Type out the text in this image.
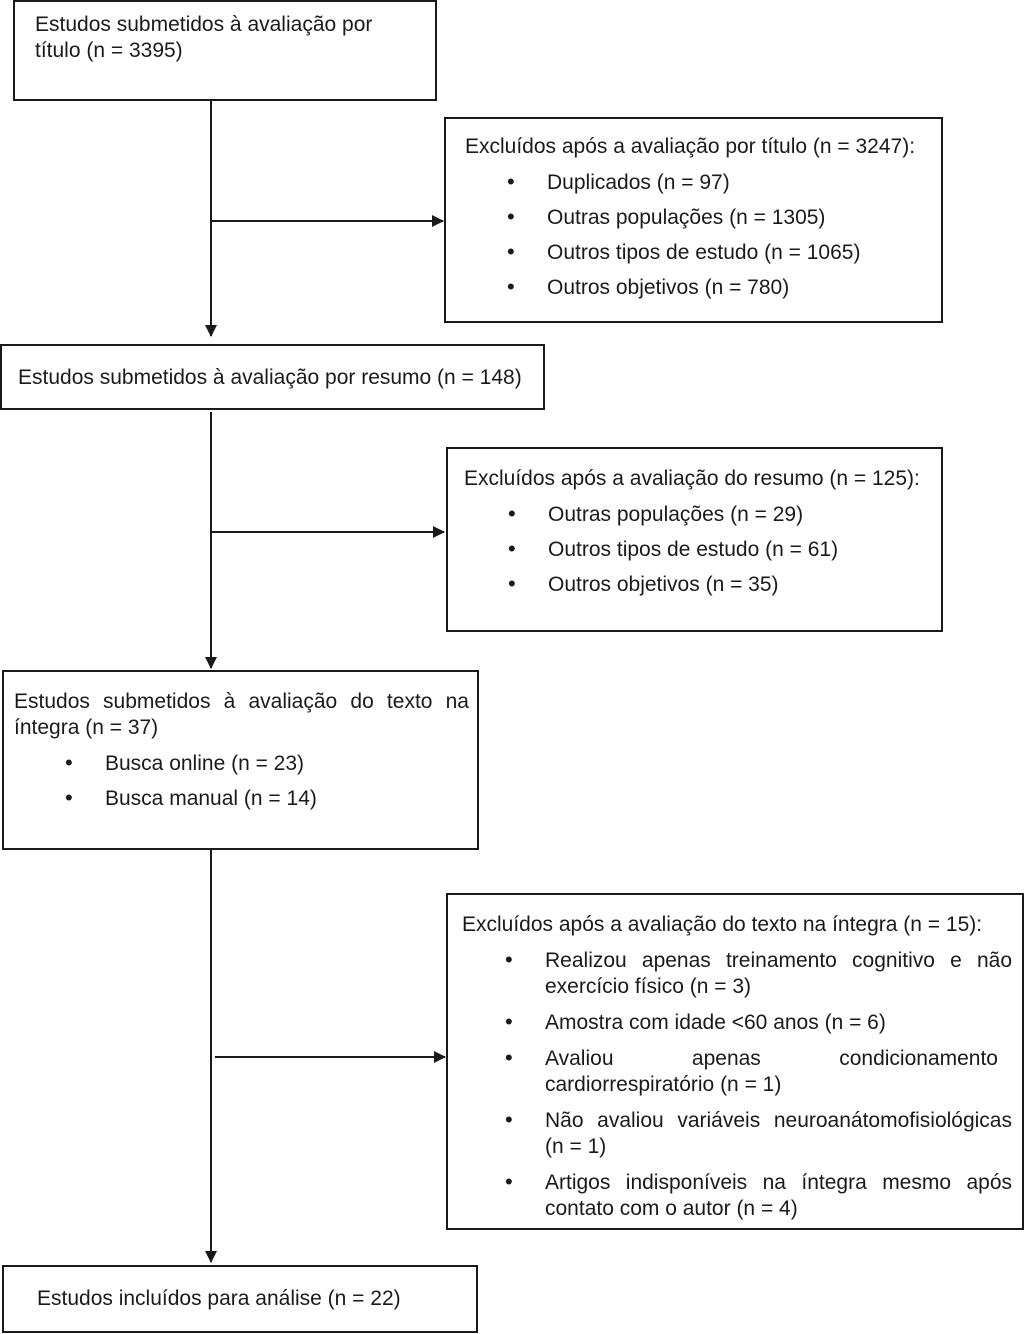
Estudos submetidos à avaliação por título (n = 3395)

Excluídos após a avaliação por título (n = 3247):

• Duplicados (n = 97)
• Outras populações (n = 1305)
• Outros tipos de estudo (n = 1065)
• Outros objetivos (n = 780)

Estudos submetidos à avaliação por resumo (n = 148)

Excluídos após a avaliação do resumo (n = 125):

• Outras populações (n = 29)
• Outros tipos de estudo (n = 61)
• Outros objetivos (n = 35)

Estudos submetidos à avaliação do texto na íntegra (n = 37)

• Busca online (n = 23)
• Busca manual (n = 14)

Excluídos após a avaliação do texto na íntegra (n = 15):

• Realizou apenas treinamento cognitivo e não exercício físico (n = 3)
• Amostra com idade <60 anos (n = 6)
• Avaliou apenas condicionamento cardiorrespiratório (n = 1)
• Não avaliou variáveis neuroanátomofisiológicas (n = 1)
• Artigos indisponíveis na íntegra mesmo após contato com o autor (n = 4)

Estudos incluídos para análise (n = 22)
